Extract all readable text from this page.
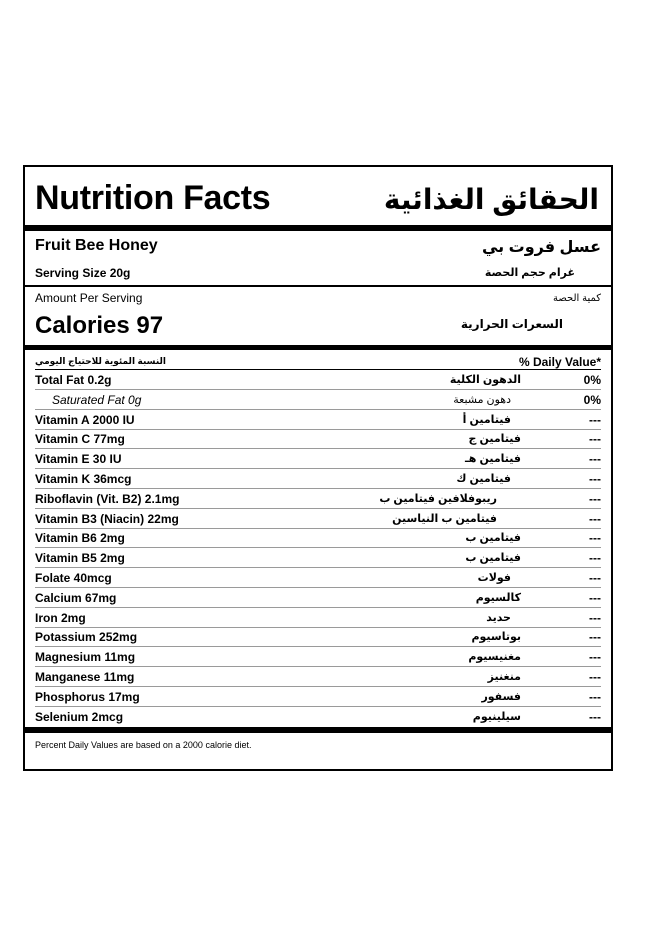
Nutrition Facts	الحقائق الغذائية
Fruit Bee Honey	عسل فروت بي
Serving Size 20g	غرام حجم الحصة
Amount Per Serving	كمية الحصة
Calories 97	السعرات الحرارية
النسبة المئوية للاحتياج اليومي	% Daily Value*
Total Fat 0.2g	الدهون الكلية	0%
Saturated Fat 0g	دهون مشبعة	0%
Vitamin A 2000 IU	فيتامين أ	---
Vitamin C 77mg	فيتامين ج	---
Vitamin E 30 IU	فيتامين هـ	---
Vitamin K 36mcg	فيتامين ك	---
Riboflavin (Vit. B2) 2.1mg	ريبوفلافين فيتامين ب	---
Vitamin B3 (Niacin) 22mg	فيتامين ب النياسين	---
Vitamin B6 2mg	فيتامين ب	---
Vitamin B5 2mg	فيتامين ب	---
Folate 40mcg	فولات	---
Calcium 67mg	كالسيوم	---
Iron 2mg	حديد	---
Potassium 252mg	بوتاسيوم	---
Magnesium 11mg	مغنيسيوم	---
Manganese 11mg	منغنيز	---
Phosphorus 17mg	فسفور	---
Selenium 2mcg	سيلينيوم	---
Percent Daily Values are based on a 2000 calorie diet.
